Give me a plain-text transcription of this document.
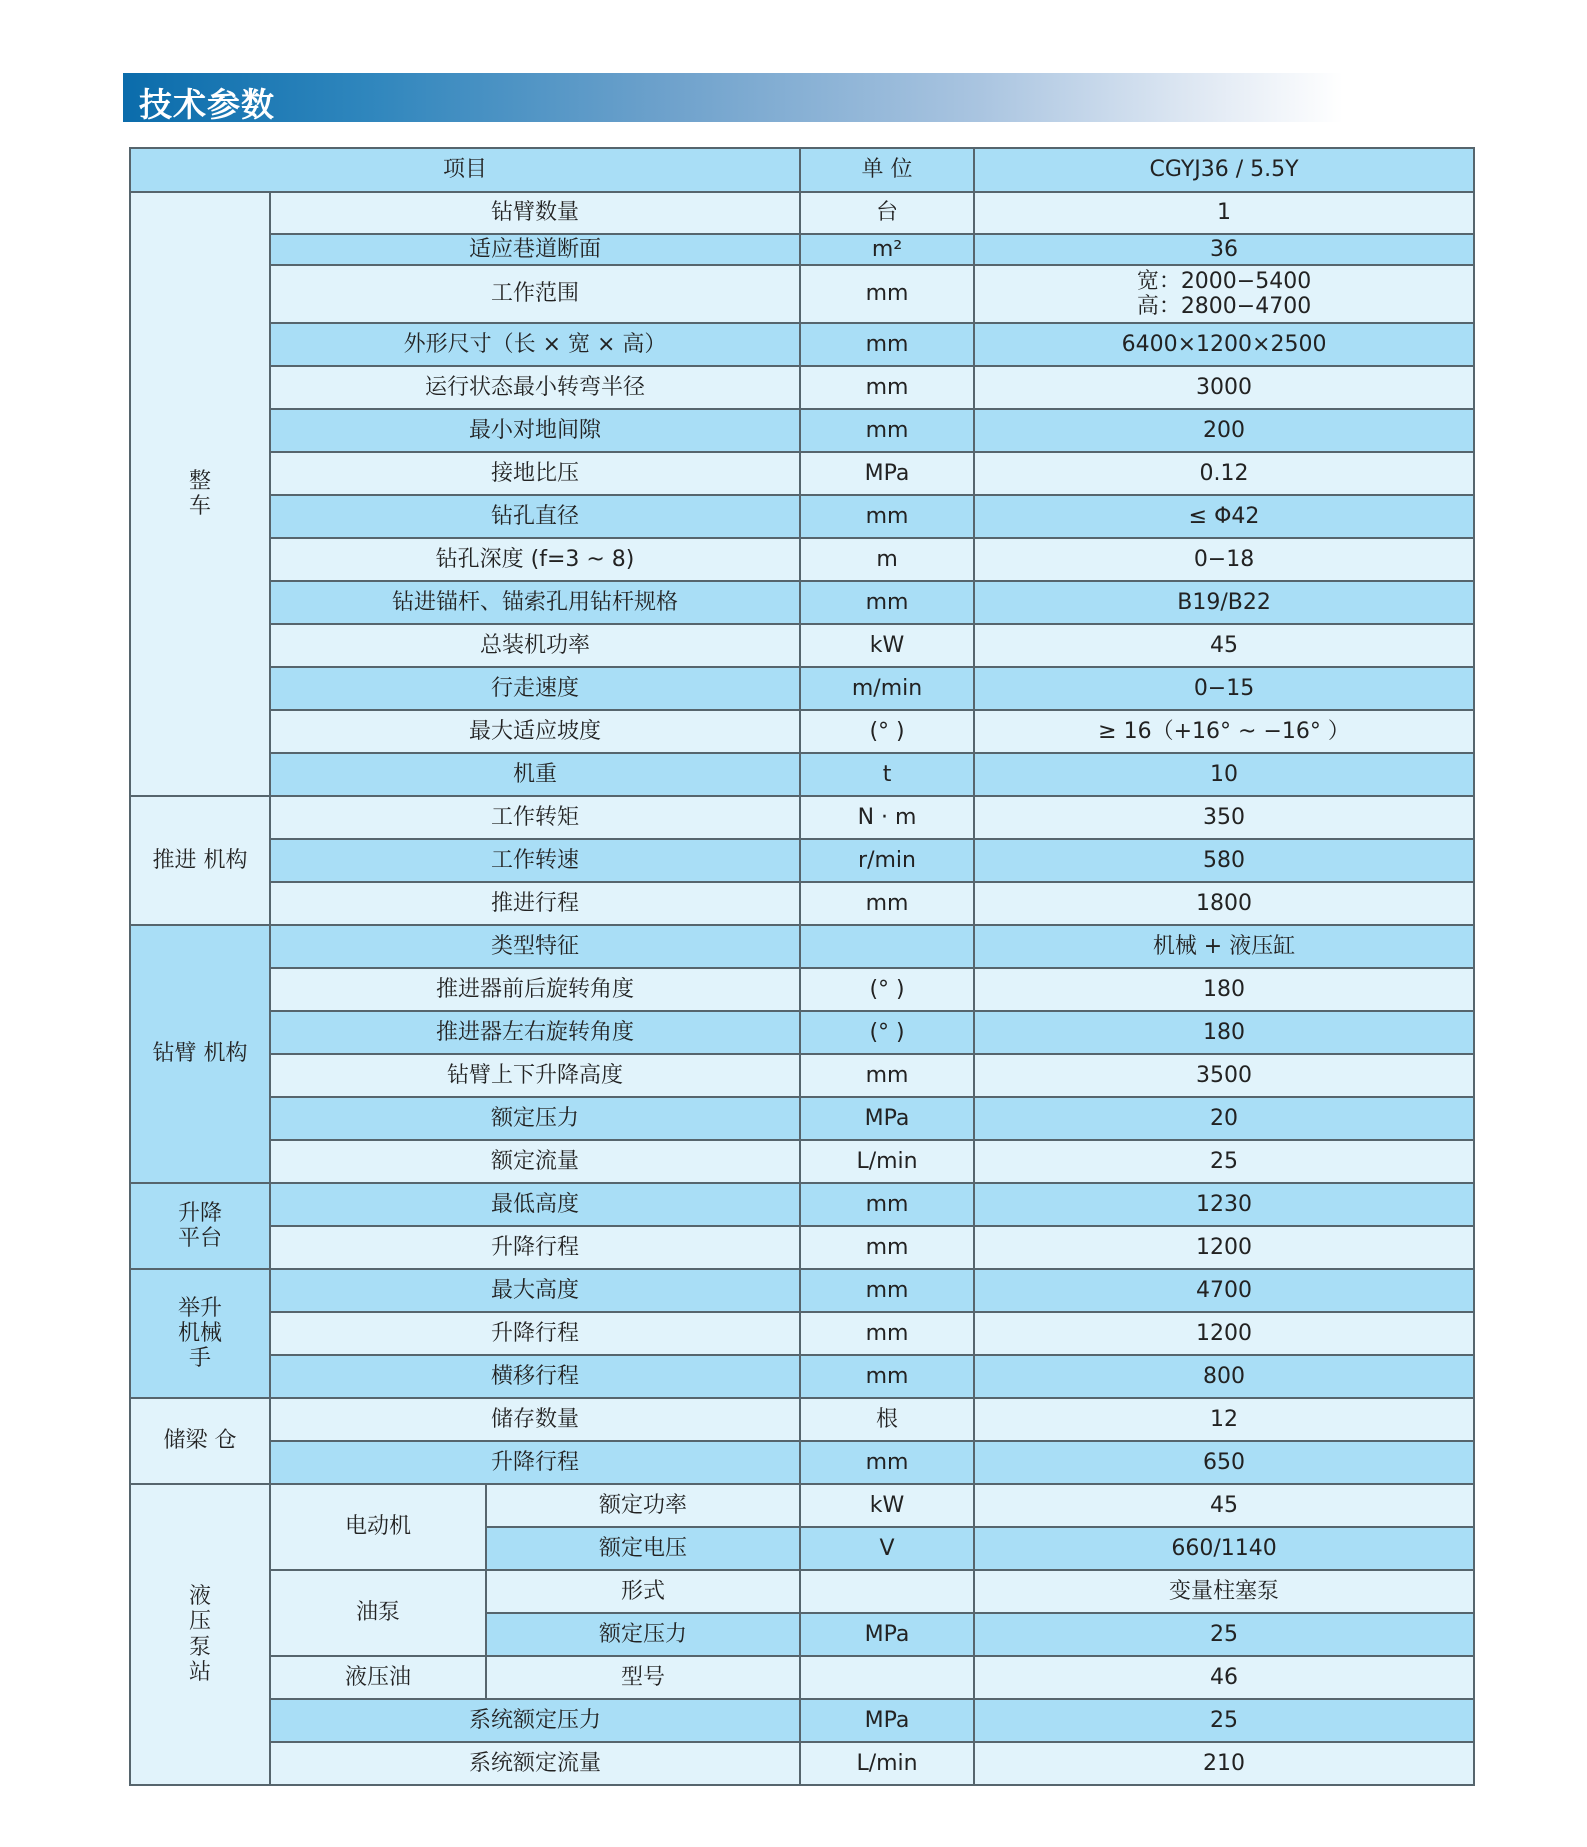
技术参数
项目			单 位	CGYJ36 / 5.5Y
整
车	钻臂数量		台	1
	适应巷道断面		m²	36
	工作范围		mm	宽：2000−5400
高：2800−4700
	外形尺寸（长 × 宽 × 高）		mm	6400×1200×2500
	运行状态最小转弯半径		mm	3000
	最小对地间隙		mm	200
	接地比压		MPa	0.12
	钻孔直径		mm	≤ Φ42
	钻孔深度 (f=3 ~ 8)		m	0−18
	钻进锚杆、锚索孔用钻杆规格		mm	B19/B22
	总装机功率		kW	45
	行走速度		m/min	0−15
	最大适应坡度		(° )	≥ 16（+16° ~ −16° ）
	机重		t	10
推进 机构	工作转矩		N · m	350
	工作转速		r/min	580
	推进行程		mm	1800
钻臂 机构	类型特征			机械 + 液压缸
	推进器前后旋转角度		(° )	180
	推进器左右旋转角度		(° )	180
	钻臂上下升降高度		mm	3500
	额定压力		MPa	20
	额定流量		L/min	25
升降
平台	最低高度		mm	1230
	升降行程		mm	1200
举升
机械
手	最大高度		mm	4700
	升降行程		mm	1200
	横移行程		mm	800
储梁 仓	储存数量		根	12
	升降行程		mm	650
液
压
泵
站	电动机	额定功率	kW	45
		额定电压	V	660/1140
	油泵	形式		变量柱塞泵
		额定压力	MPa	25
	液压油	型号		46
	系统额定压力		MPa	25
	系统额定流量		L/min	210
